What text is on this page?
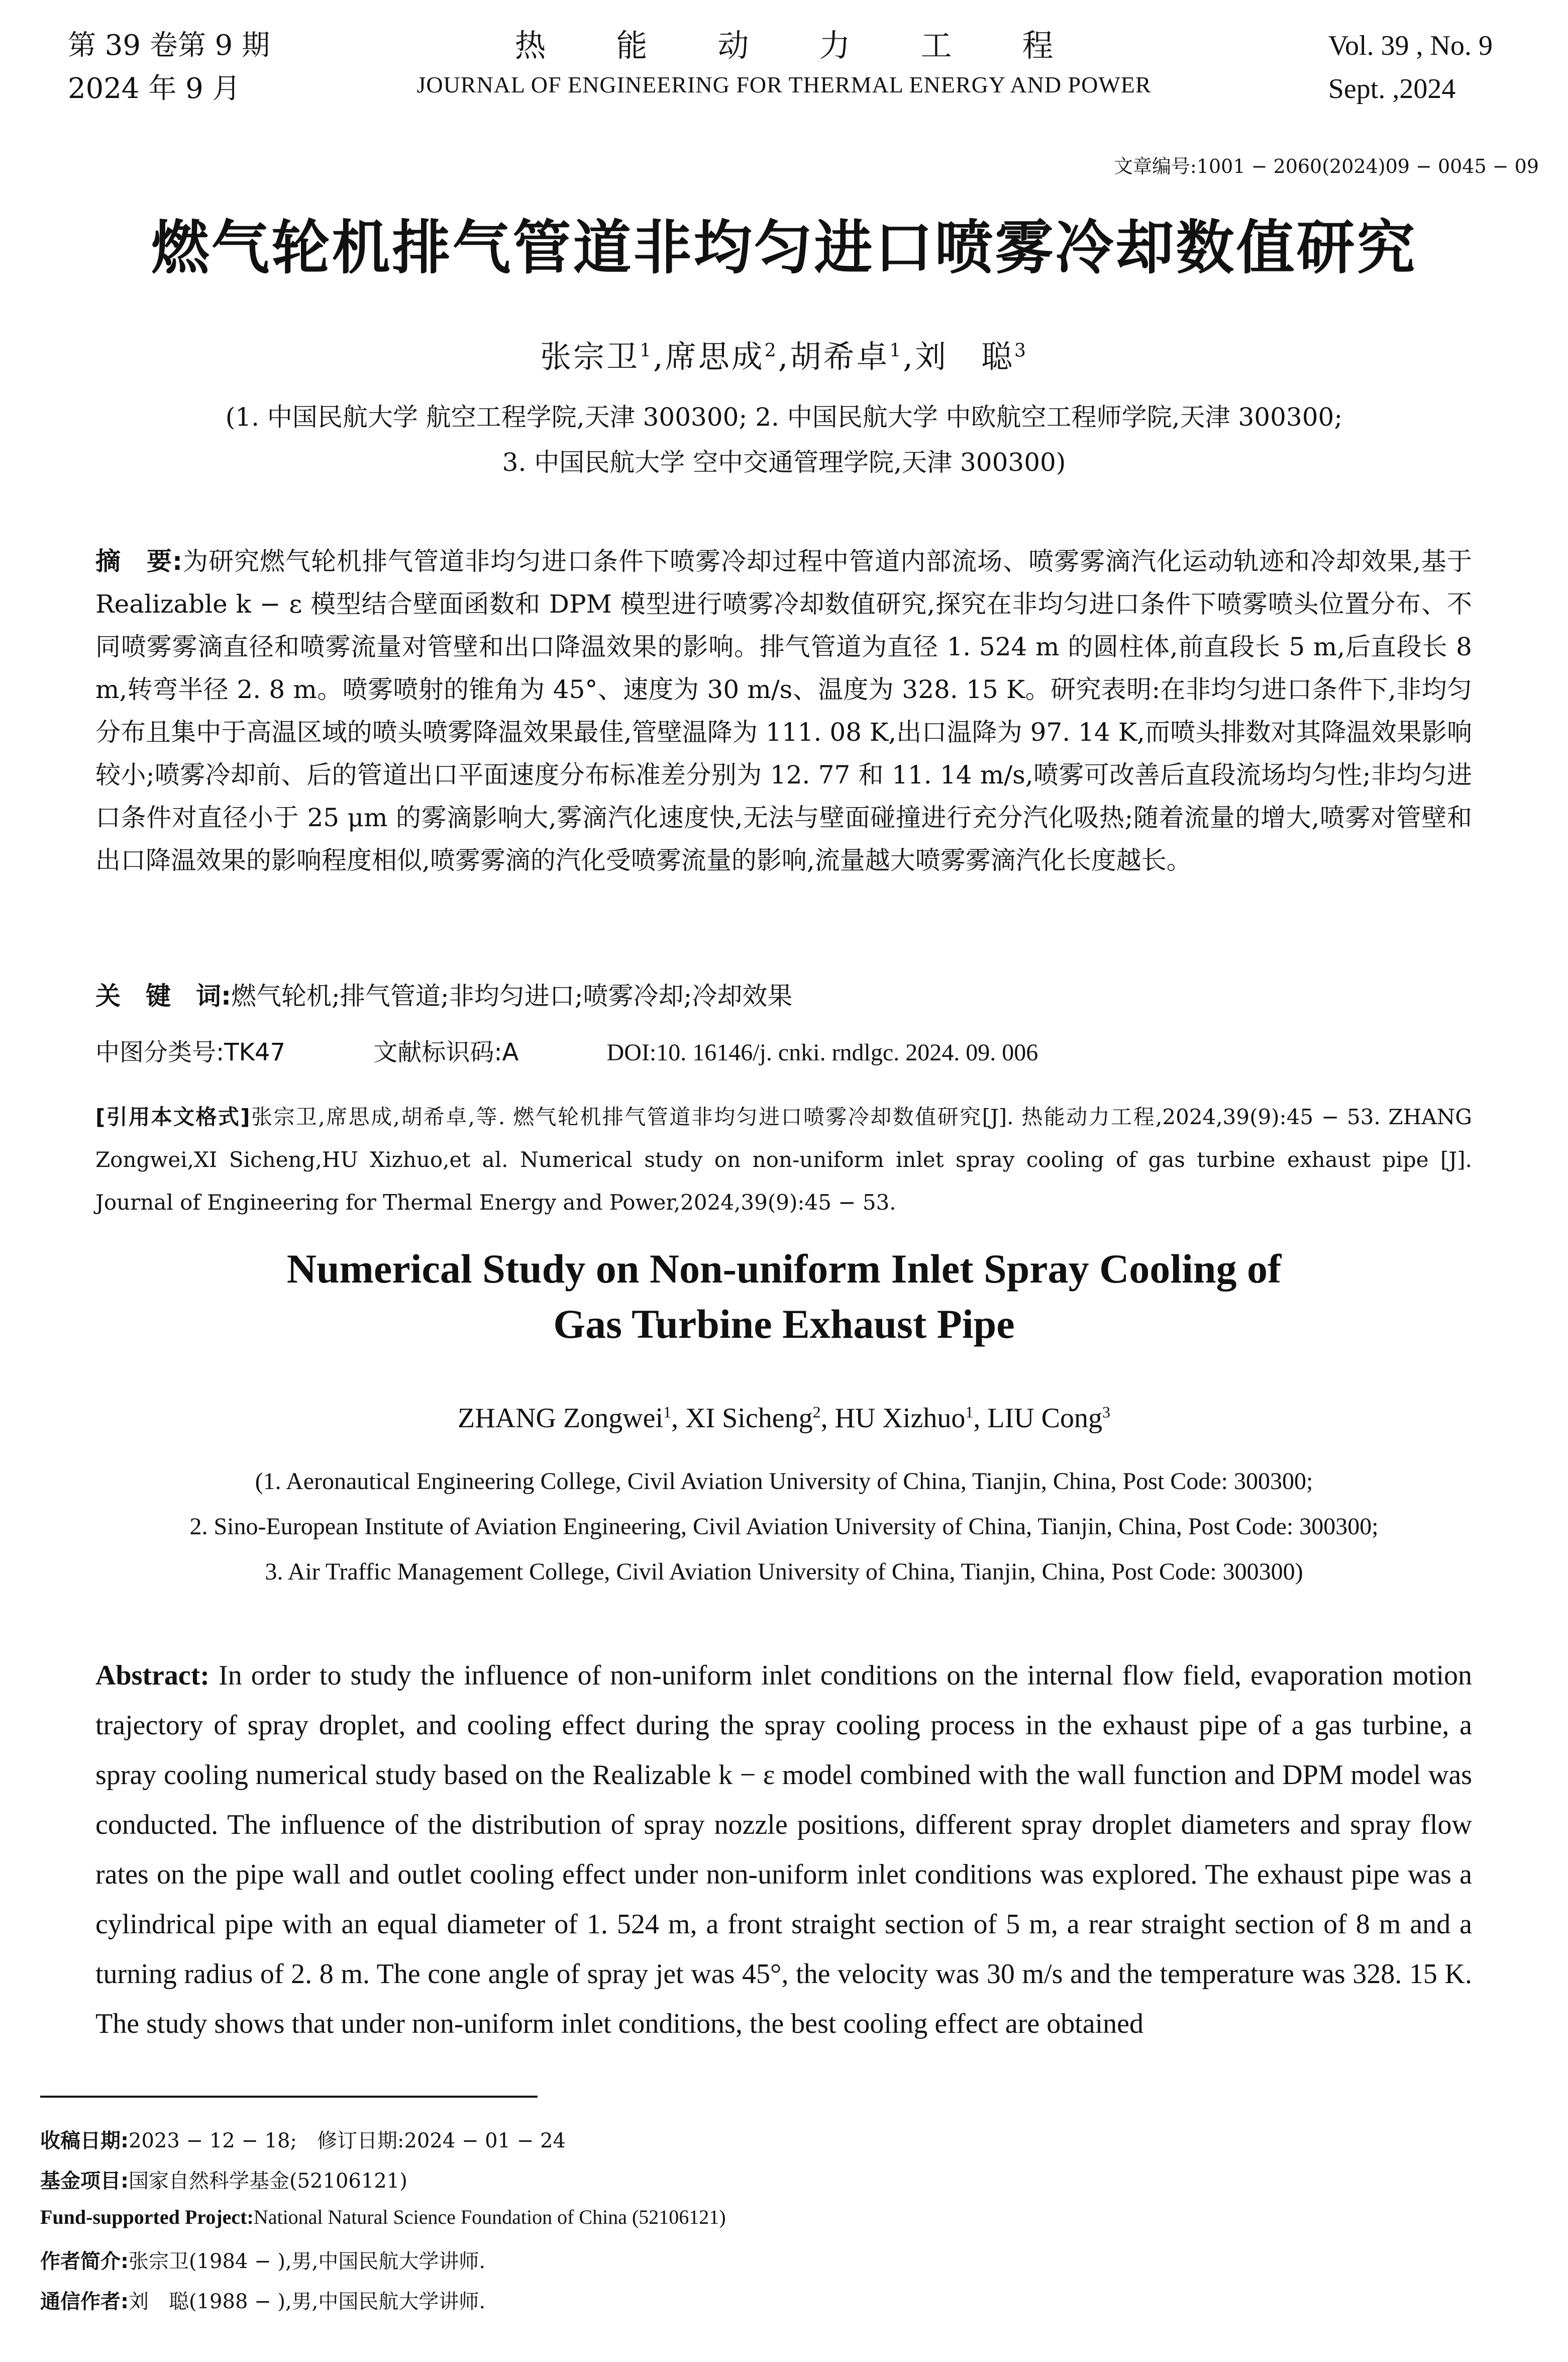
第 39 卷第 9 期
2024 年 9 月
热能动力工程
JOURNAL OF ENGINEERING FOR THERMAL ENERGY AND POWER
Vol. 39 , No. 9
Sept. ,2024
文章编号:1001 − 2060(2024)09 − 0045 − 09
燃气轮机排气管道非均匀进口喷雾冷却数值研究
张宗卫$^1$,席思成$^2$,胡希卓$^1$,刘　聪$^3$
(1. 中国民航大学 航空工程学院,天津 300300; 2. 中国民航大学 中欧航空工程师学院,天津 300300;
3. 中国民航大学 空中交通管理学院,天津 300300)
摘　要:为研究燃气轮机排气管道非均匀进口条件下喷雾冷却过程中管道内部流场、喷雾雾滴汽化运动轨迹和冷却效果,基于 Realizable k − ε 模型结合壁面函数和 DPM 模型进行喷雾冷却数值研究,探究在非均匀进口条件下喷雾喷头位置分布、不同喷雾雾滴直径和喷雾流量对管壁和出口降温效果的影响。排气管道为直径 1. 524 m 的圆柱体,前直段长 5 m,后直段长 8 m,转弯半径 2. 8 m。喷雾喷射的锥角为 45°、速度为 30 m/s、温度为 328. 15 K。研究表明:在非均匀进口条件下,非均匀分布且集中于高温区域的喷头喷雾降温效果最佳,管壁温降为 111. 08 K,出口温降为 97. 14 K,而喷头排数对其降温效果影响较小;喷雾冷却前、后的管道出口平面速度分布标准差分别为 12. 77 和 11. 14 m/s,喷雾可改善后直段流场均匀性;非均匀进口条件对直径小于 25 μm 的雾滴影响大,雾滴汽化速度快,无法与壁面碰撞进行充分汽化吸热;随着流量的增大,喷雾对管壁和出口降温效果的影响程度相似,喷雾雾滴的汽化受喷雾流量的影响,流量越大喷雾雾滴汽化长度越长。
关　键　词:燃气轮机;排气管道;非均匀进口;喷雾冷却;冷却效果
中图分类号:TK47	文献标识码:A	DOI:10. 16146/j. cnki. rndlgc. 2024. 09. 006
[引用本文格式]张宗卫,席思成,胡希卓,等. 燃气轮机排气管道非均匀进口喷雾冷却数值研究[J]. 热能动力工程,2024,39(9):45 − 53. ZHANG Zongwei,XI Sicheng,HU Xizhuo,et al. Numerical study on non-uniform inlet spray cooling of gas turbine exhaust pipe [J]. Journal of Engineering for Thermal Energy and Power,2024,39(9):45 − 53.
Numerical Study on Non-uniform Inlet Spray Cooling of
Gas Turbine Exhaust Pipe
ZHANG Zongwei$^1$, XI Sicheng$^2$, HU Xizhuo$^1$, LIU Cong$^3$
(1. Aeronautical Engineering College, Civil Aviation University of China, Tianjin, China, Post Code: 300300;
2. Sino-European Institute of Aviation Engineering, Civil Aviation University of China, Tianjin, China, Post Code: 300300;
3. Air Traffic Management College, Civil Aviation University of China, Tianjin, China, Post Code: 300300)
Abstract: In order to study the influence of non-uniform inlet conditions on the internal flow field, evaporation motion trajectory of spray droplet, and cooling effect during the spray cooling process in the exhaust pipe of a gas turbine, a spray cooling numerical study based on the Realizable k − ε model combined with the wall function and DPM model was conducted. The influence of the distribution of spray nozzle positions, different spray droplet diameters and spray flow rates on the pipe wall and outlet cooling effect under non-uniform inlet conditions was explored. The exhaust pipe was a cylindrical pipe with an equal diameter of 1. 524 m, a front straight section of 5 m, a rear straight section of 8 m and a turning radius of 2. 8 m. The cone angle of spray jet was 45°, the velocity was 30 m/s and the temperature was 328. 15 K. The study shows that under non-uniform inlet conditions, the best cooling effect are obtained
收稿日期:2023 − 12 − 18;　修订日期:2024 − 01 − 24
基金项目:国家自然科学基金(52106121)
Fund-supported Project:National Natural Science Foundation of China (52106121)
作者简介:张宗卫(1984 − ),男,中国民航大学讲师.
通信作者:刘　聪(1988 − ),男,中国民航大学讲师.
